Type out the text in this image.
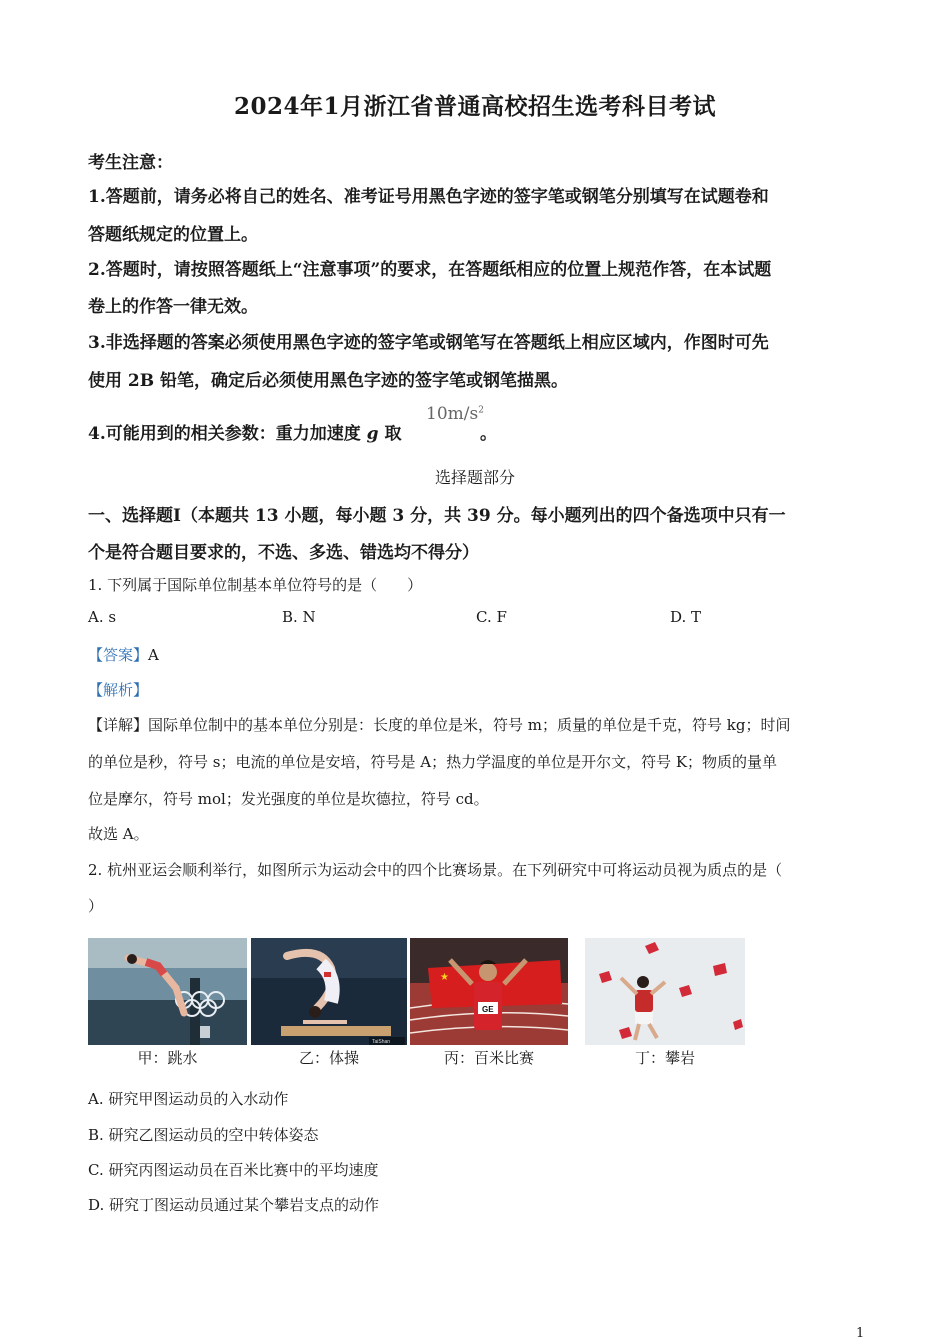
2024年1月浙江省普通高校招生选考科目考试
考生注意：
1.答题前，请务必将自己的姓名、准考证号用黑色字迹的签字笔或钢笔分别填写在试题卷和
答题纸规定的位置上。
2.答题时，请按照答题纸上“注意事项”的要求，在答题纸相应的位置上规范作答，在本试题
卷上的作答一律无效。
3.非选择题的答案必须使用黑色字迹的签字笔或钢笔写在答题纸上相应区域内，作图时可先
使用 2B 铅笔，确定后必须使用黑色字迹的签字笔或钢笔描黑。
4.可能用到的相关参数：重力加速度 g 取
$10m/s^2$
。
选择题部分
一、选择题Ⅰ（本题共 13 小题，每小题 3 分，共 39 分。每小题列出的四个备选项中只有一
个是符合题目要求的，不选、多选、错选均不得分）
1. 下列属于国际单位制基本单位符号的是（　　）
A. s	B. N	C. F	D. T
【答案】A
【解析】
【详解】国际单位制中的基本单位分别是：长度的单位是米，符号 m；质量的单位是千克，符号 kg；时间
的单位是秒，符号 s；电流的单位是安培，符号是 A；热力学温度的单位是开尔文，符号 K；物质的量单
位是摩尔，符号 mol；发光强度的单位是坎德拉，符号 cd。
故选 A。
2. 杭州亚运会顺利举行，如图所示为运动会中的四个比赛场景。在下列研究中可将运动员视为质点的是（
）
TaiShan
★
GE
甲：跳水	乙：体操	丙：百米比赛	丁：攀岩
A. 研究甲图运动员的入水动作
B. 研究乙图运动员的空中转体姿态
C. 研究丙图运动员在百米比赛中的平均速度
D. 研究丁图运动员通过某个攀岩支点的动作
1
